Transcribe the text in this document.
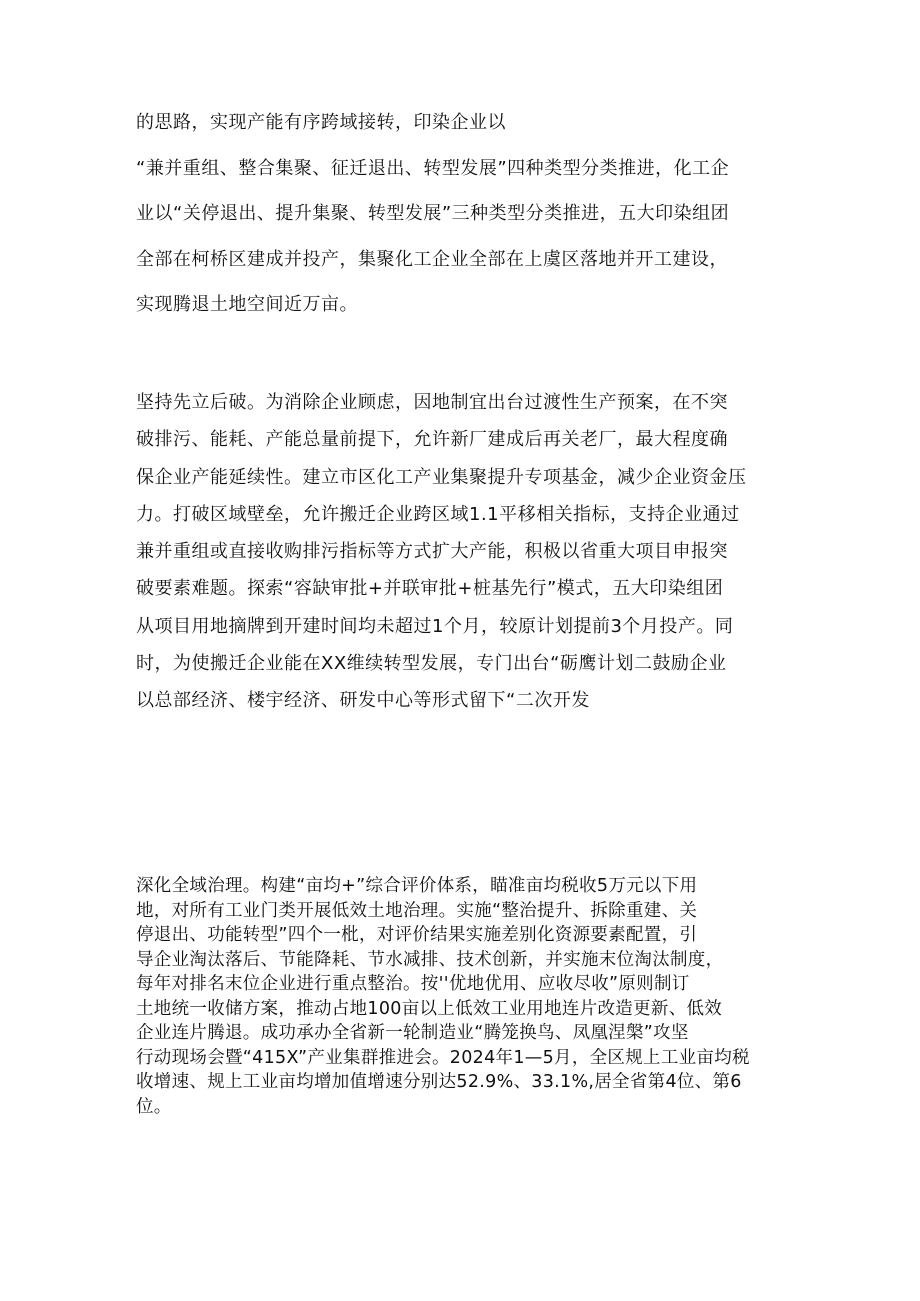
的思路，实现产能有序跨域接转，印染企业以
“兼并重组、整合集聚、征迁退出、转型发展”四种类型分类推进，化工企
业以“关停退出、提升集聚、转型发展”三种类型分类推进，五大印染组团
全部在柯桥区建成并投产，集聚化工企业全部在上虞区落地并开工建设，
实现腾退土地空间近万亩。
坚持先立后破。为消除企业顾虑，因地制宜出台过渡性生产预案，在不突
破排污、能耗、产能总量前提下，允许新厂建成后再关老厂，最大程度确
保企业产能延续性。建立市区化工产业集聚提升专项基金，减少企业资金压
力。打破区域壁垒，允许搬迁企业跨区域1.1平移相关指标，支持企业通过
兼并重组或直接收购排污指标等方式扩大产能，积极以省重大项目申报突
破要素难题。探索“容缺审批+并联审批+桩基先行”模式，五大印染组团
从项目用地摘牌到开建时间均未超过1个月，较原计划提前3个月投产。同
时，为使搬迁企业能在XX维续转型发展，专门出台“砺鹰计划二鼓励企业
以总部经济、楼宇经济、研发中心等形式留下“二次开发
深化全域治理。构建“亩均+”综合评价体系，瞄准亩均税收5万元以下用
地，对所有工业门类开展低效土地治理。实施“整治提升、拆除重建、关
停退出、功能转型”四个一枇，对评价结果实施差别化资源要素配置，引
导企业淘汰落后、节能降耗、节水减排、技术创新，并实施末位淘汰制度，
每年对排名末位企业进行重点整治。按''优地优用、应收尽收”原则制订
土地统一收储方案，推动占地100亩以上低效工业用地连片改造更新、低效
企业连片腾退。成功承办全省新一轮制造业“腾笼换鸟、凤凰涅槃”攻坚
行动现场会暨“415X”产业集群推进会。2024年1—5月，全区规上工业亩均税
收增速、规上工业亩均增加值增速分别达52.9%、33.1%,居全省第4位、第6
位。
